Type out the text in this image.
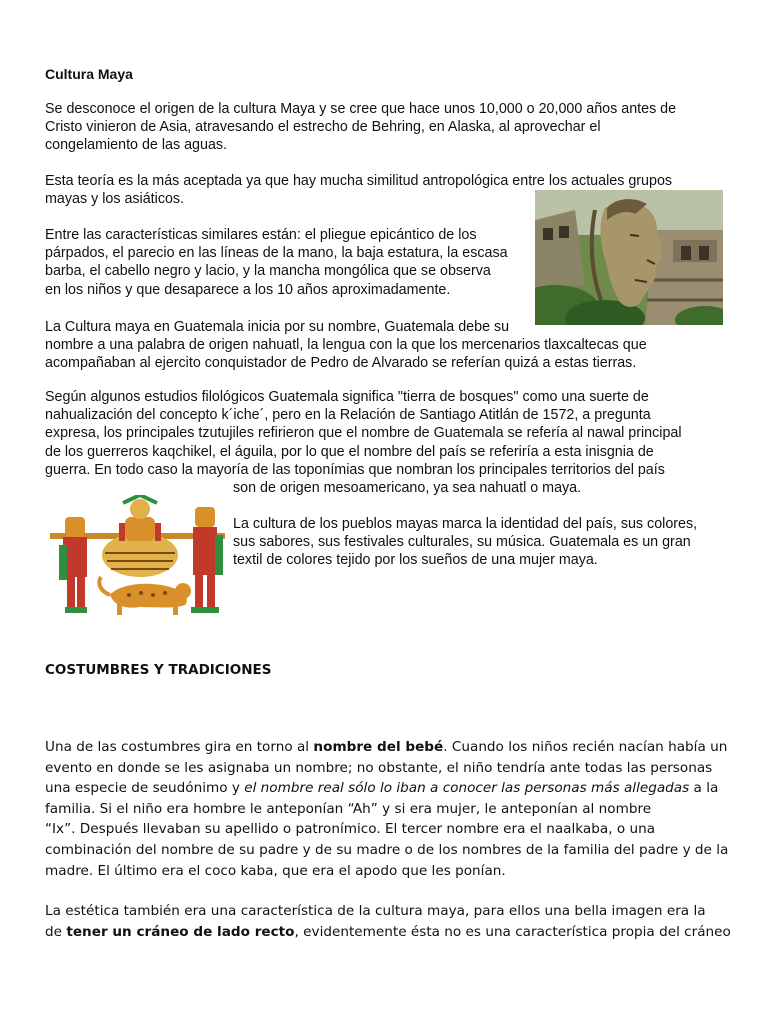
Cultura Maya

Se desconoce el origen de la cultura Maya y se cree que hace unos 10,000 o 20,000 años antes de
Cristo vinieron de Asia, atravesando el estrecho de Behring, en Alaska, al aprovechar el
congelamiento de las aguas.

Esta teoría es la más aceptada ya que hay mucha similitud antropológica entre los actuales grupos
mayas y los asiáticos.

Entre las características similares están: el pliegue epicántico de los
párpados, el parecio en las líneas de la mano, la baja estatura, la escasa
barba, el cabello negro y lacio, y la mancha mongólica que se observa
en los niños y que desaparece a los 10 años aproximadamente.

La Cultura maya en Guatemala inicia por su nombre, Guatemala debe su
nombre a una palabra de origen nahuatl, la lengua con la que los mercenarios tlaxcaltecas que
acompañaban al ejercito conquistador de Pedro de Alvarado se referían quizá a estas tierras.

Según algunos estudios filológicos Guatemala significa "tierra de bosques" como una suerte de
nahualización del concepto k´iche´, pero en la Relación de Santiago Atitlán de 1572, a pregunta
expresa, los principales tzutujiles refirieron que el nombre de Guatemala se refería al nawal principal
de los guerreros kaqchikel, el águila, por lo que el nombre del país se referiría a esta inisgnia de
guerra. En todo caso la mayoría de las toponímias que nombran los principales territorios del país
son de origen mesoamericano, ya sea nahuatl o maya.

La cultura de los pueblos mayas marca la identidad del país, sus colores,
sus sabores, sus festivales culturales, su música. Guatemala es un gran
textil de colores tejido por los sueños de una mujer maya.

COSTUMBRES Y TRADICIONES

Una de las costumbres gira en torno al nombre del bebé. Cuando los niños recién nacían había un
evento en donde se les asignaba un nombre; no obstante, el niño tendría ante todas las personas
una especie de seudónimo y el nombre real sólo lo iban a conocer las personas más allegadas a la
familia. Si el niño era hombre le anteponían “Ah” y si era mujer, le anteponían al nombre
“Ix”. Después llevaban su apellido o patronímico. El tercer nombre era el naalkaba, o una
combinación del nombre de su padre y de su madre o de los nombres de la familia del padre y de la
madre. El último era el coco kaba, que era el apodo que les ponían.

La estética también era una característica de la cultura maya, para ellos una bella imagen era la
de tener un cráneo de lado recto, evidentemente ésta no es una característica propia del cráneo
